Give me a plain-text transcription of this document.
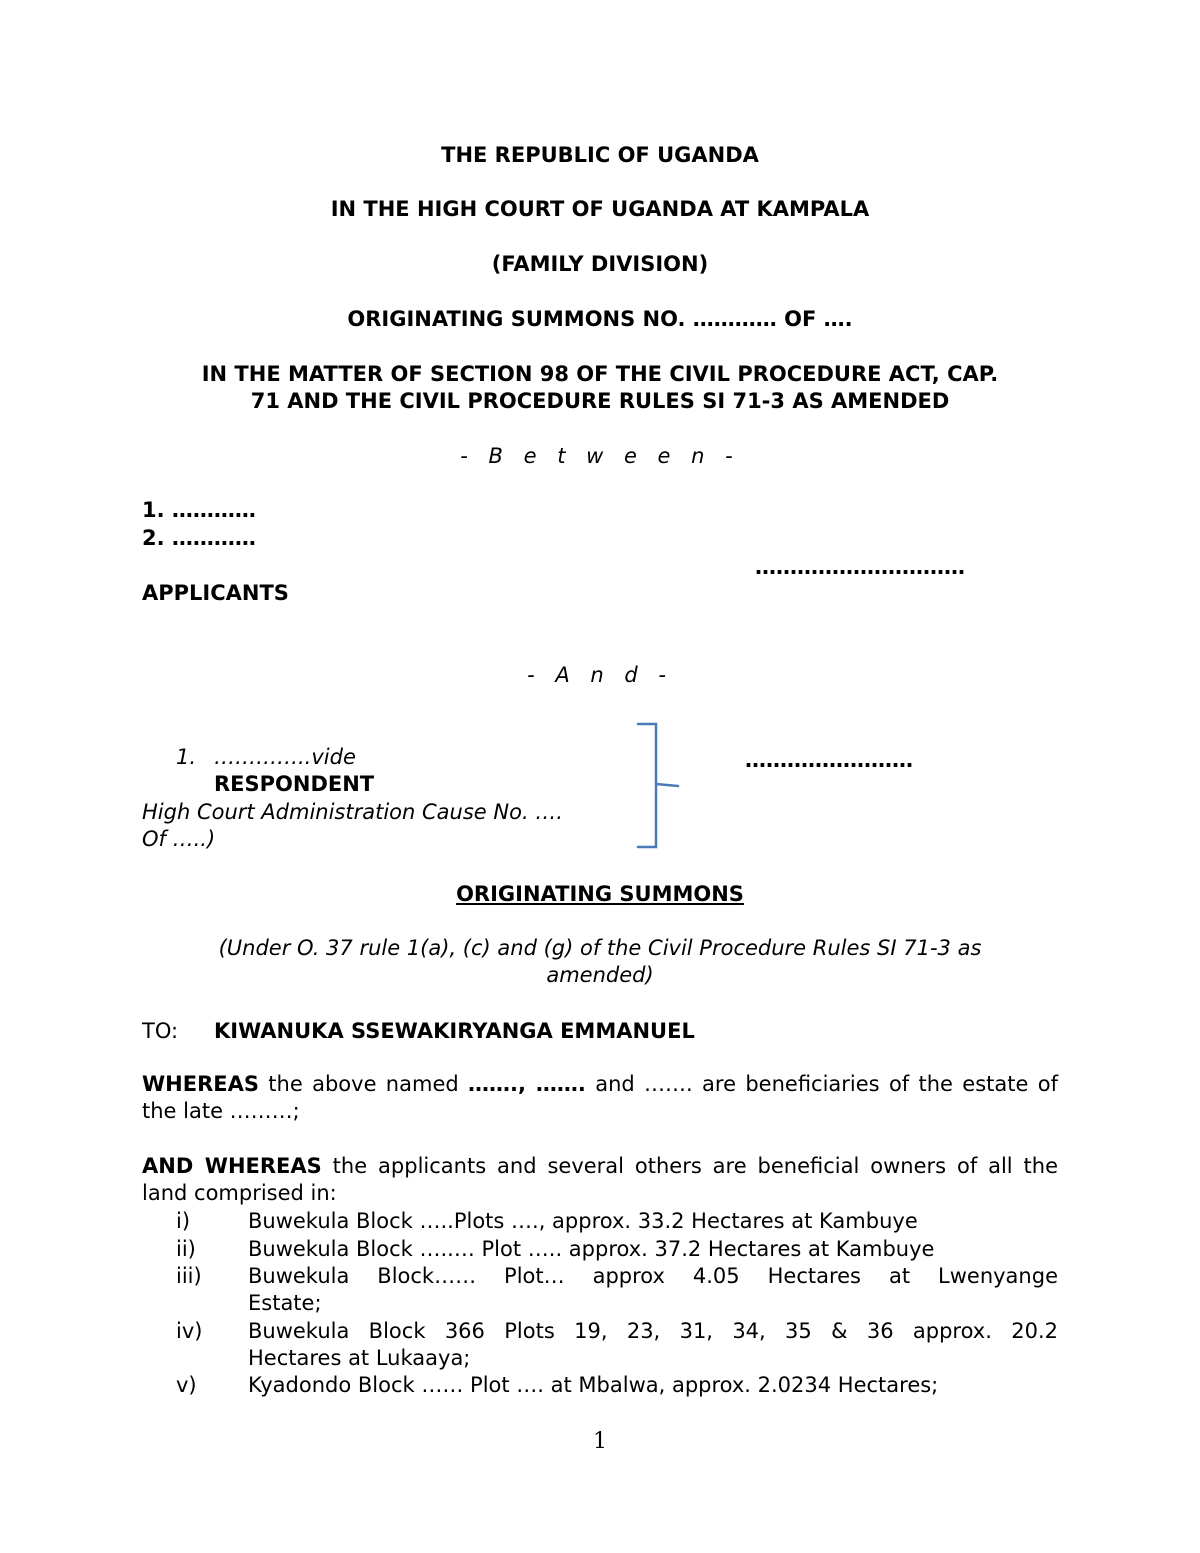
THE REPUBLIC OF UGANDA
IN THE HIGH COURT OF UGANDA AT KAMPALA
(FAMILY DIVISION)
ORIGINATING SUMMONS NO. ………… OF ….
IN THE MATTER OF SECTION 98 OF THE CIVIL PROCEDURE ACT, CAP.
71 AND THE CIVIL PROCEDURE RULES SI 71-3 AS AMENDED
- B e t w e e n -
1. …………
2. …………
…………………………
APPLICANTS
- A n d -
1. …………..vide
RESPONDENT
High Court Administration Cause No. ….
Of …..)
……………………
ORIGINATING SUMMONS
(Under O. 37 rule 1(a), (c) and (g) of the Civil Procedure Rules SI 71-3 as
amended)
TO: KIWANUKA SSEWAKIRYANGA EMMANUEL
WHEREAS the above named ……., ……. and ……. are beneficiaries of the estate of the late ………;
AND WHEREAS the applicants and several others are beneficial owners of all the land comprised in:
i)	Buwekula Block …..Plots …., approx. 33.2 Hectares at Kambuye
ii) Buwekula Block …..… Plot ….. approx. 37.2 Hectares at Kambuye
iii) Buwekula Block…… Plot… approx 4.05 Hectares at Lwenyange
Estate;
iv) Buwekula Block 366 Plots 19, 23, 31, 34, 35 & 36 approx. 20.2
Hectares at Lukaaya;
v) Kyadondo Block …… Plot …. at Mbalwa, approx. 2.0234 Hectares;
1
